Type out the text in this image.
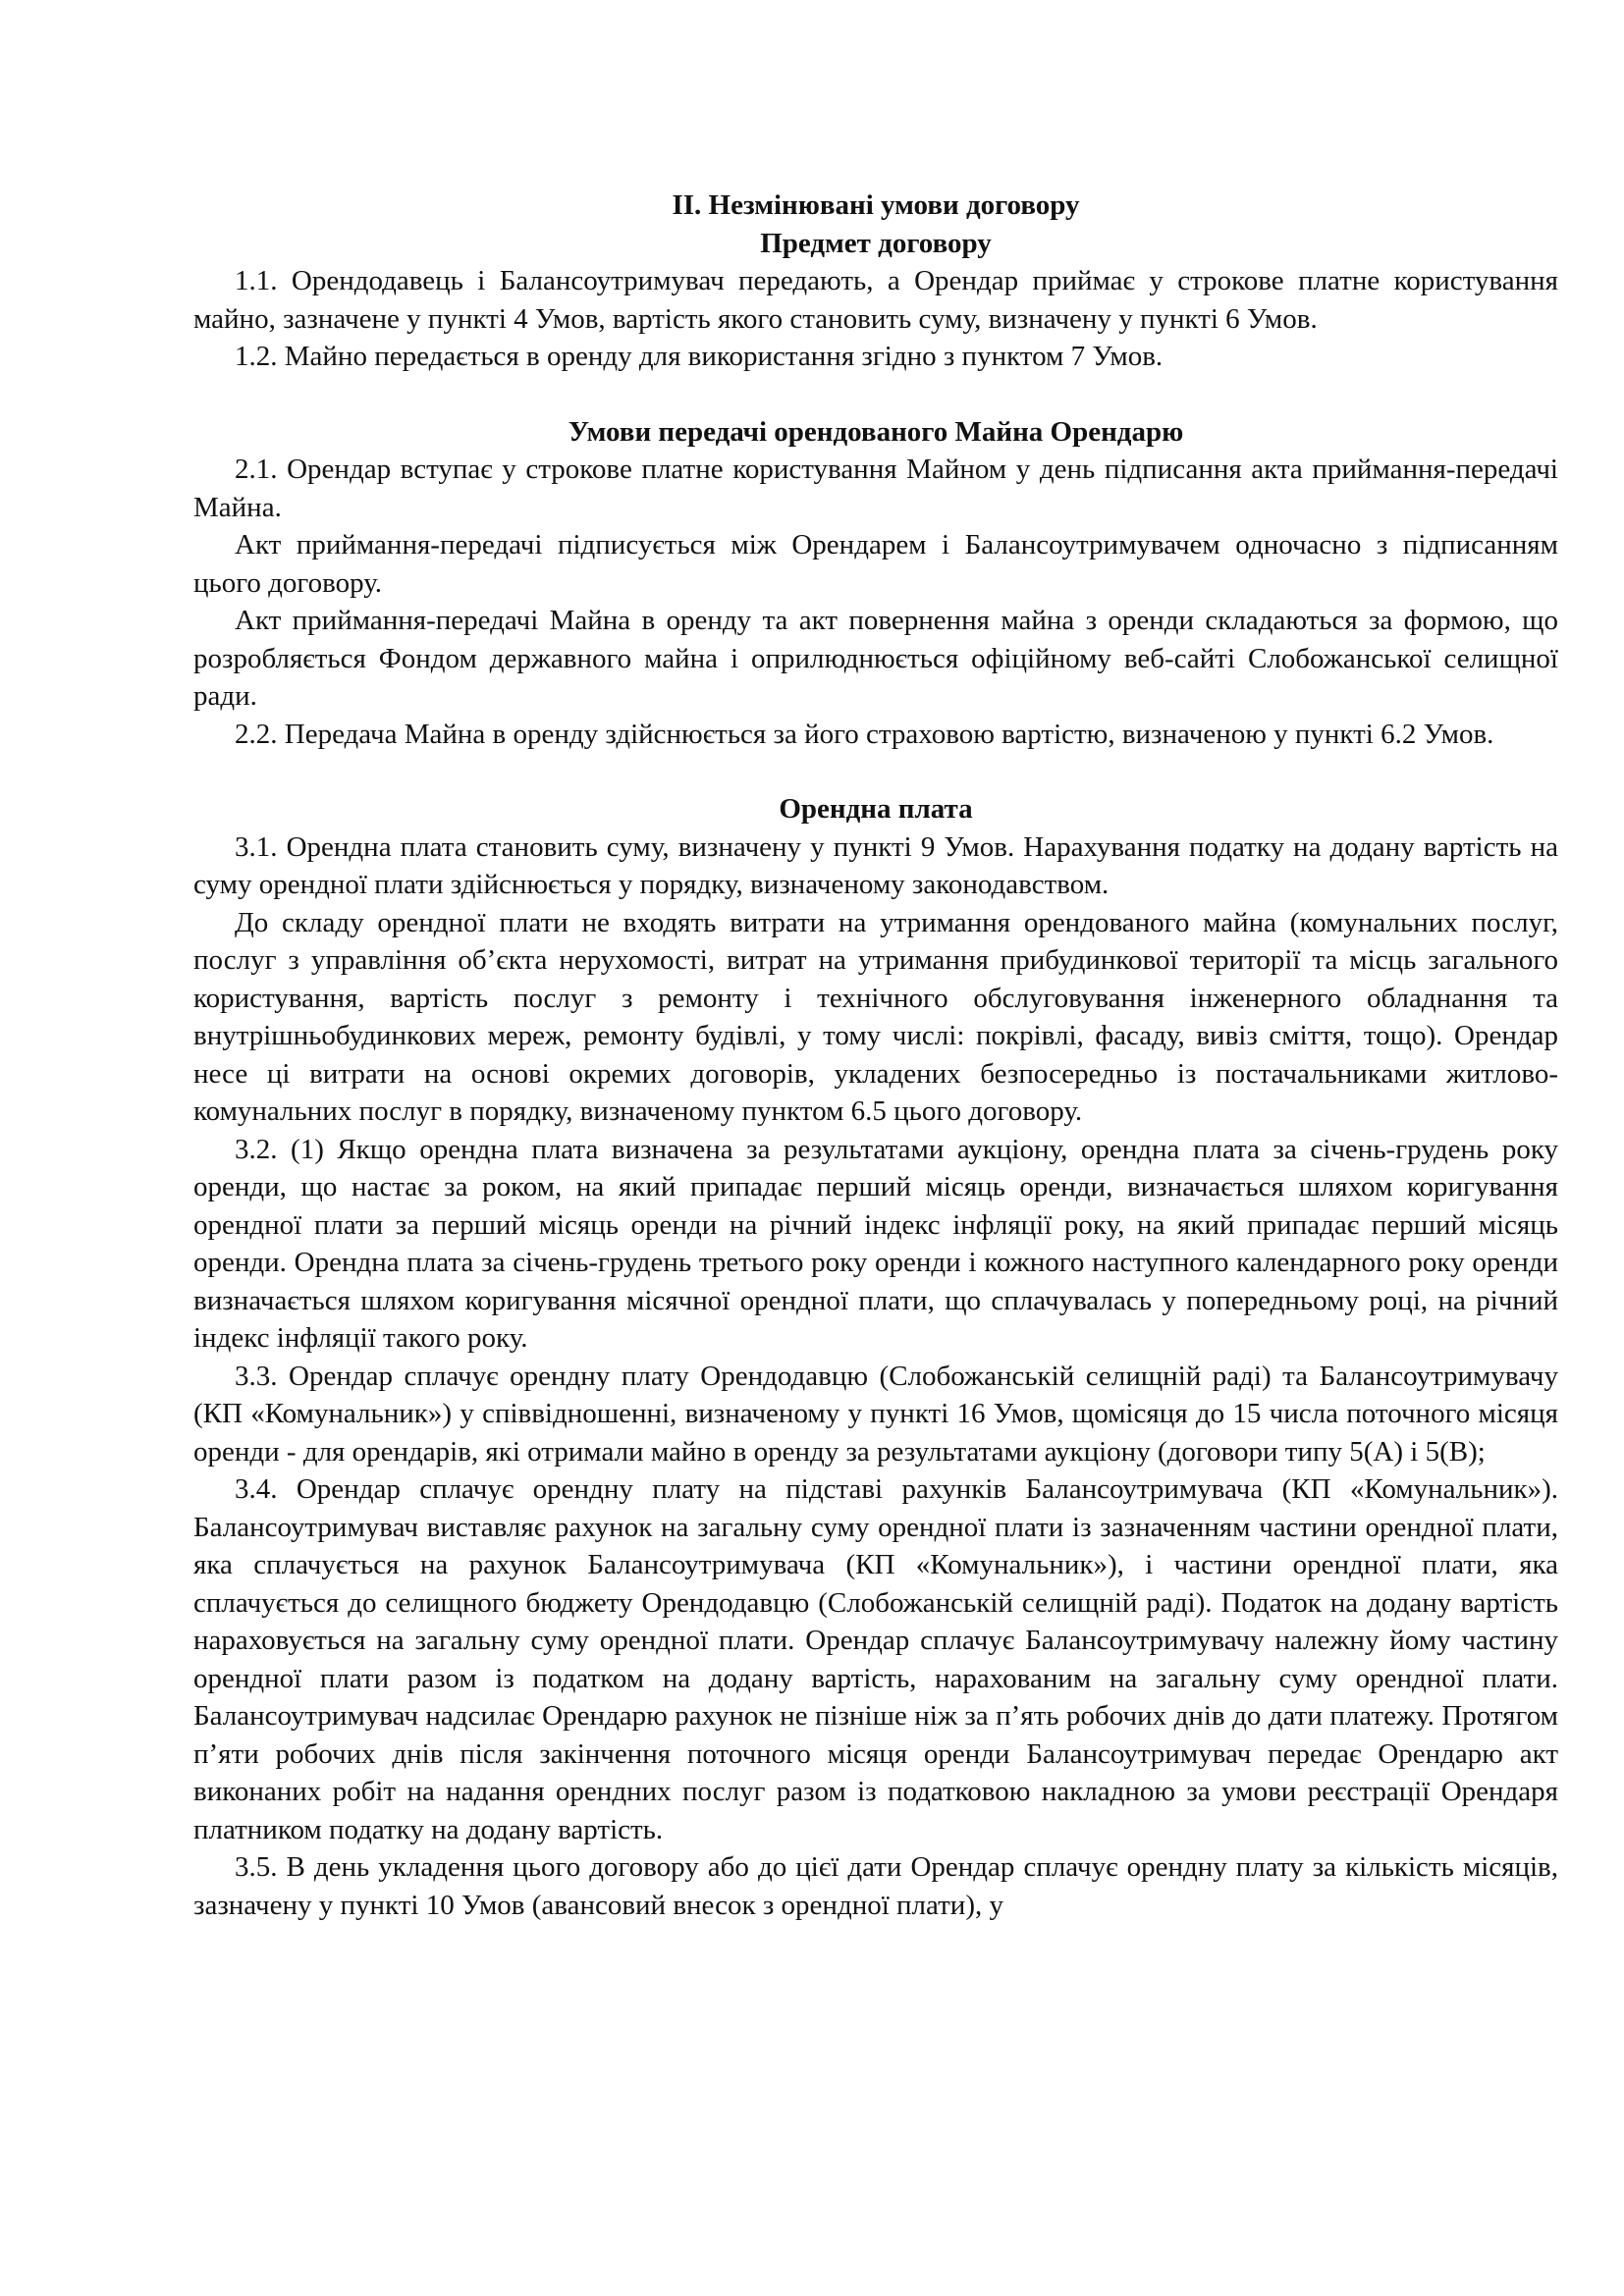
II. Незмінювані умови договору
Предмет договору

1.1. Орендодавець і Балансоутримувач передають, а Орендар приймає у строкове платне користування майно, зазначене у пункті 4 Умов, вартість якого становить суму, визначену у пункті 6 Умов.

1.2. Майно передається в оренду для використання згідно з пунктом 7 Умов.

Умови передачі орендованого Майна Орендарю

2.1. Орендар вступає у строкове платне користування Майном у день підписання акта приймання-передачі Майна.

Акт приймання-передачі підписується між Орендарем і Балансоутримувачем одночасно з підписанням цього договору.

Акт приймання-передачі Майна в оренду та акт повернення майна з оренди складаються за формою, що розробляється Фондом державного майна і оприлюднюється офіційному веб-сайті Слобожанської селищної ради.

2.2. Передача Майна в оренду здійснюється за його страховою вартістю, визначеною у пункті 6.2 Умов.

Орендна плата

3.1. Орендна плата становить суму, визначену у пункті 9 Умов. Нарахування податку на додану вартість на суму орендної плати здійснюється у порядку, визначеному законодавством.

До складу орендної плати не входять витрати на утримання орендованого майна (комунальних послуг, послуг з управління об’єкта нерухомості, витрат на утримання прибудинкової території та місць загального користування, вартість послуг з ремонту і технічного обслуговування інженерного обладнання та внутрішньобудинкових мереж, ремонту будівлі, у тому числі: покрівлі, фасаду, вивіз сміття, тощо). Орендар несе ці витрати на основі окремих договорів, укладених безпосередньо із постачальниками житлово-комунальних послуг в порядку, визначеному пунктом 6.5 цього договору.

3.2. (1) Якщо орендна плата визначена за результатами аукціону, орендна плата за січень-грудень року оренди, що настає за роком, на який припадає перший місяць оренди, визначається шляхом коригування орендної плати за перший місяць оренди на річний індекс інфляції року, на який припадає перший місяць оренди. Орендна плата за січень-грудень третього року оренди і кожного наступного календарного року оренди визначається шляхом коригування місячної орендної плати, що сплачувалась у попередньому році, на річний індекс інфляції такого року.

3.3. Орендар сплачує орендну плату Орендодавцю (Слобожанській селищній раді) та Балансоутримувачу (КП «Комунальник») у співвідношенні, визначеному у пункті 16 Умов, щомісяця до 15 числа поточного місяця оренди - для орендарів, які отримали майно в оренду за результатами аукціону (договори типу 5(А) і 5(В);

3.4. Орендар сплачує орендну плату на підставі рахунків Балансоутримувача (КП «Комунальник»). Балансоутримувач виставляє рахунок на загальну суму орендної плати із зазначенням частини орендної плати, яка сплачується на рахунок Балансоутримувача (КП «Комунальник»), і частини орендної плати, яка сплачується до селищного бюджету Орендодавцю (Слобожанській селищній раді). Податок на додану вартість нараховується на загальну суму орендної плати. Орендар сплачує Балансоутримувачу належну йому частину орендної плати разом із податком на додану вартість, нарахованим на загальну суму орендної плати. Балансоутримувач надсилає Орендарю рахунок не пізніше ніж за п’ять робочих днів до дати платежу. Протягом п’яти робочих днів після закінчення поточного місяця оренди Балансоутримувач передає Орендарю акт виконаних робіт на надання орендних послуг разом із податковою накладною за умови реєстрації Орендаря платником податку на додану вартість.

3.5. В день укладення цього договору або до цієї дати Орендар сплачує орендну плату за кількість місяців, зазначену у пункті 10 Умов (авансовий внесок з орендної плати), у
